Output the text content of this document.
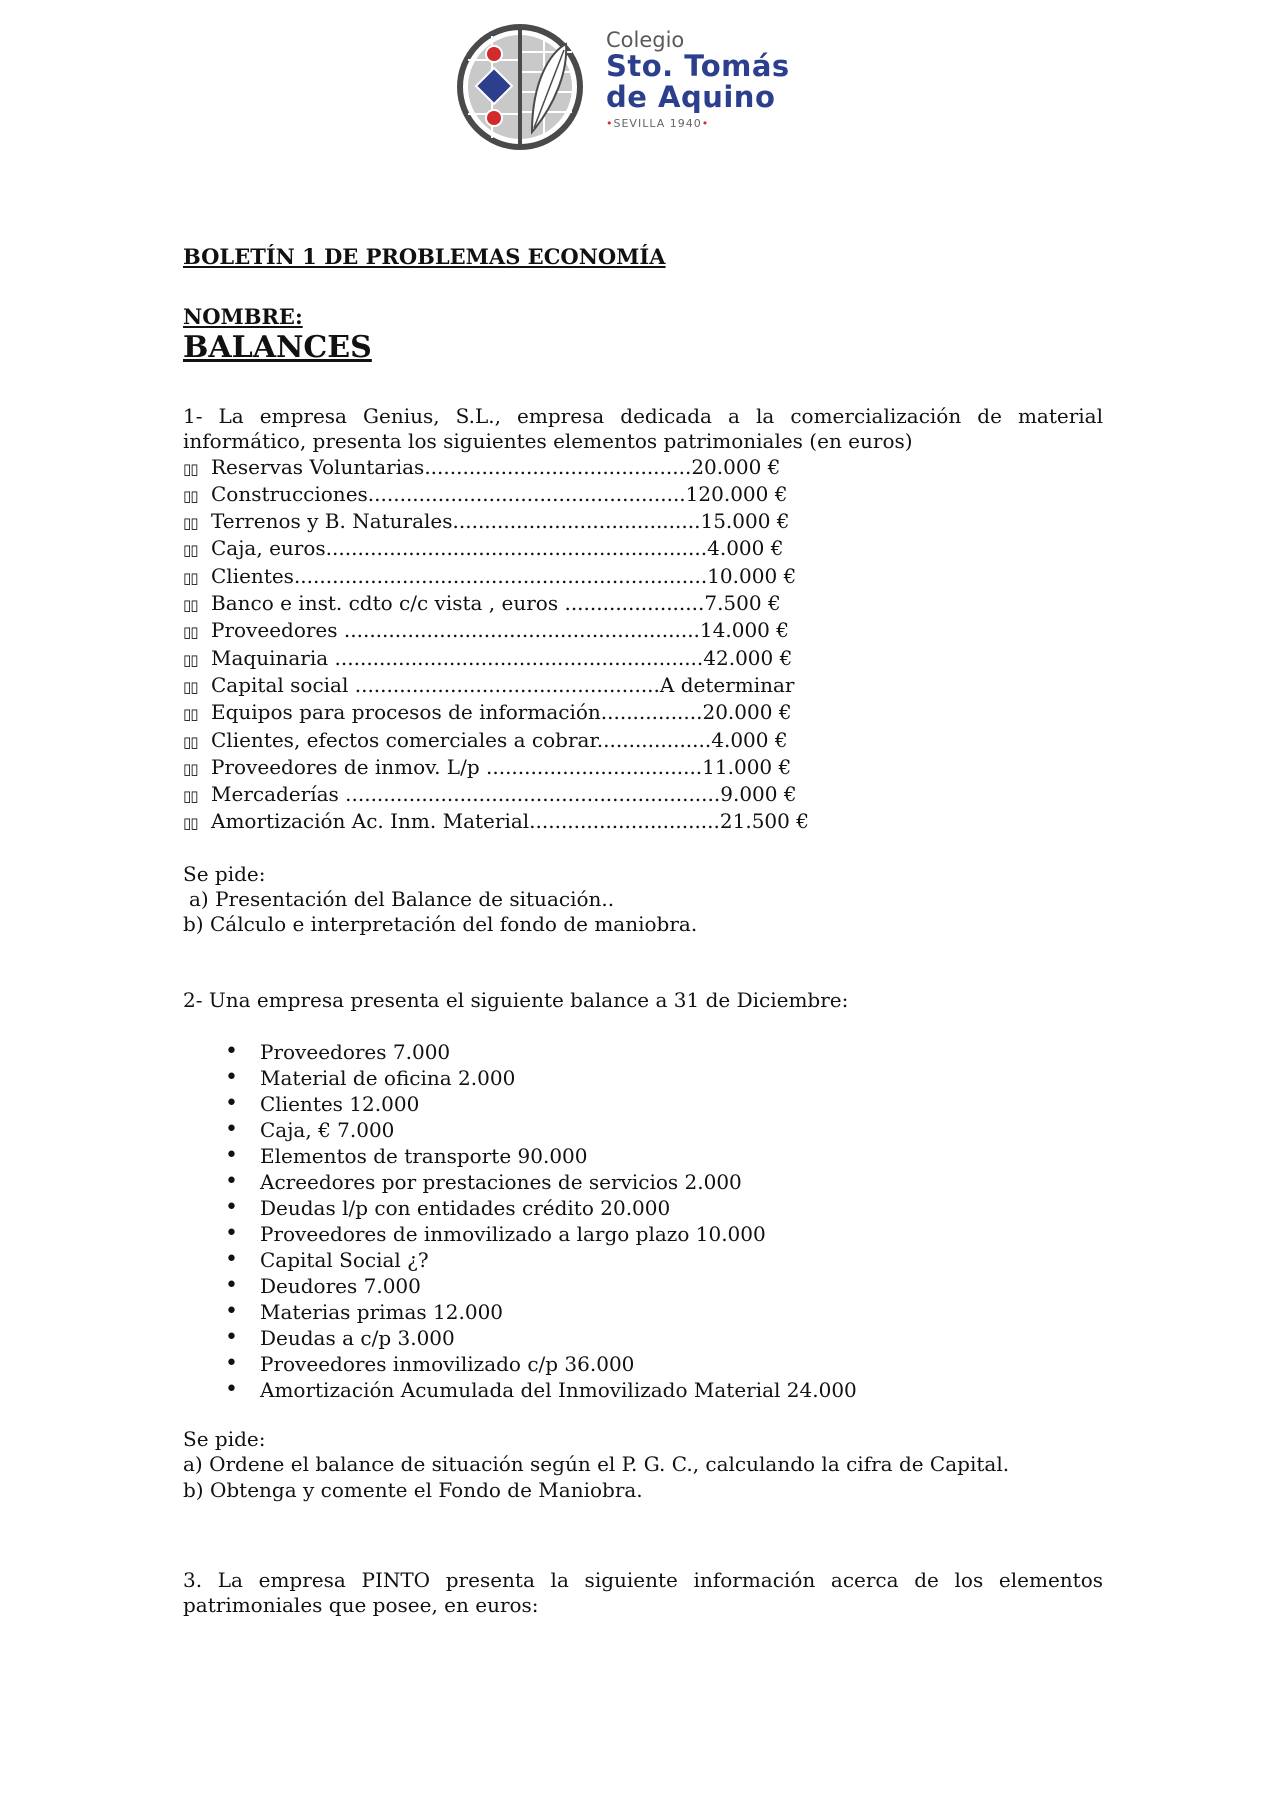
Colegio
Sto. Tomás
de Aquino
•SEVILLA 1940•
BOLETÍN 1 DE PROBLEMAS ECONOMÍA
NOMBRE:
BALANCES
1- La empresa Genius, S.L., empresa dedicada a la comercialización de material informático, presenta los siguientes elementos patrimoniales (en euros)
▯▯ Reservas Voluntarias..........................................20.000 €
▯▯ Construcciones..................................................120.000 €
▯▯ Terrenos y B. Naturales.......................................15.000 €
▯▯ Caja, euros............................................................4.000 €
▯▯ Clientes.................................................................10.000 €
▯▯ Banco e inst. cdto c/c vista , euros ......................7.500 €
▯▯ Proveedores ........................................................14.000 €
▯▯ Maquinaria ..........................................................42.000 €
▯▯ Capital social ................................................A determinar
▯▯ Equipos para procesos de información................20.000 €
▯▯ Clientes, efectos comerciales a cobrar..................4.000 €
▯▯ Proveedores de inmov. L/p ..................................11.000 €
▯▯ Mercaderías ...........................................................9.000 €
▯▯ Amortización Ac. Inm. Material..............................21.500 €
Se pide:
a) Presentación del Balance de situación..
b) Cálculo e interpretación del fondo de maniobra.
2- Una empresa presenta el siguiente balance a 31 de Diciembre:
• Proveedores 7.000
• Material de oficina 2.000
• Clientes 12.000
• Caja, € 7.000
• Elementos de transporte 90.000
• Acreedores por prestaciones de servicios 2.000
• Deudas l/p con entidades crédito 20.000
• Proveedores de inmovilizado a largo plazo 10.000
• Capital Social ¿?
• Deudores 7.000
• Materias primas 12.000
• Deudas a c/p 3.000
• Proveedores inmovilizado c/p 36.000
• Amortización Acumulada del Inmovilizado Material 24.000
Se pide:
a) Ordene el balance de situación según el P. G. C., calculando la cifra de Capital.
b) Obtenga y comente el Fondo de Maniobra.
3. La empresa PINTO presenta la siguiente información acerca de los elementos patrimoniales que posee, en euros:
